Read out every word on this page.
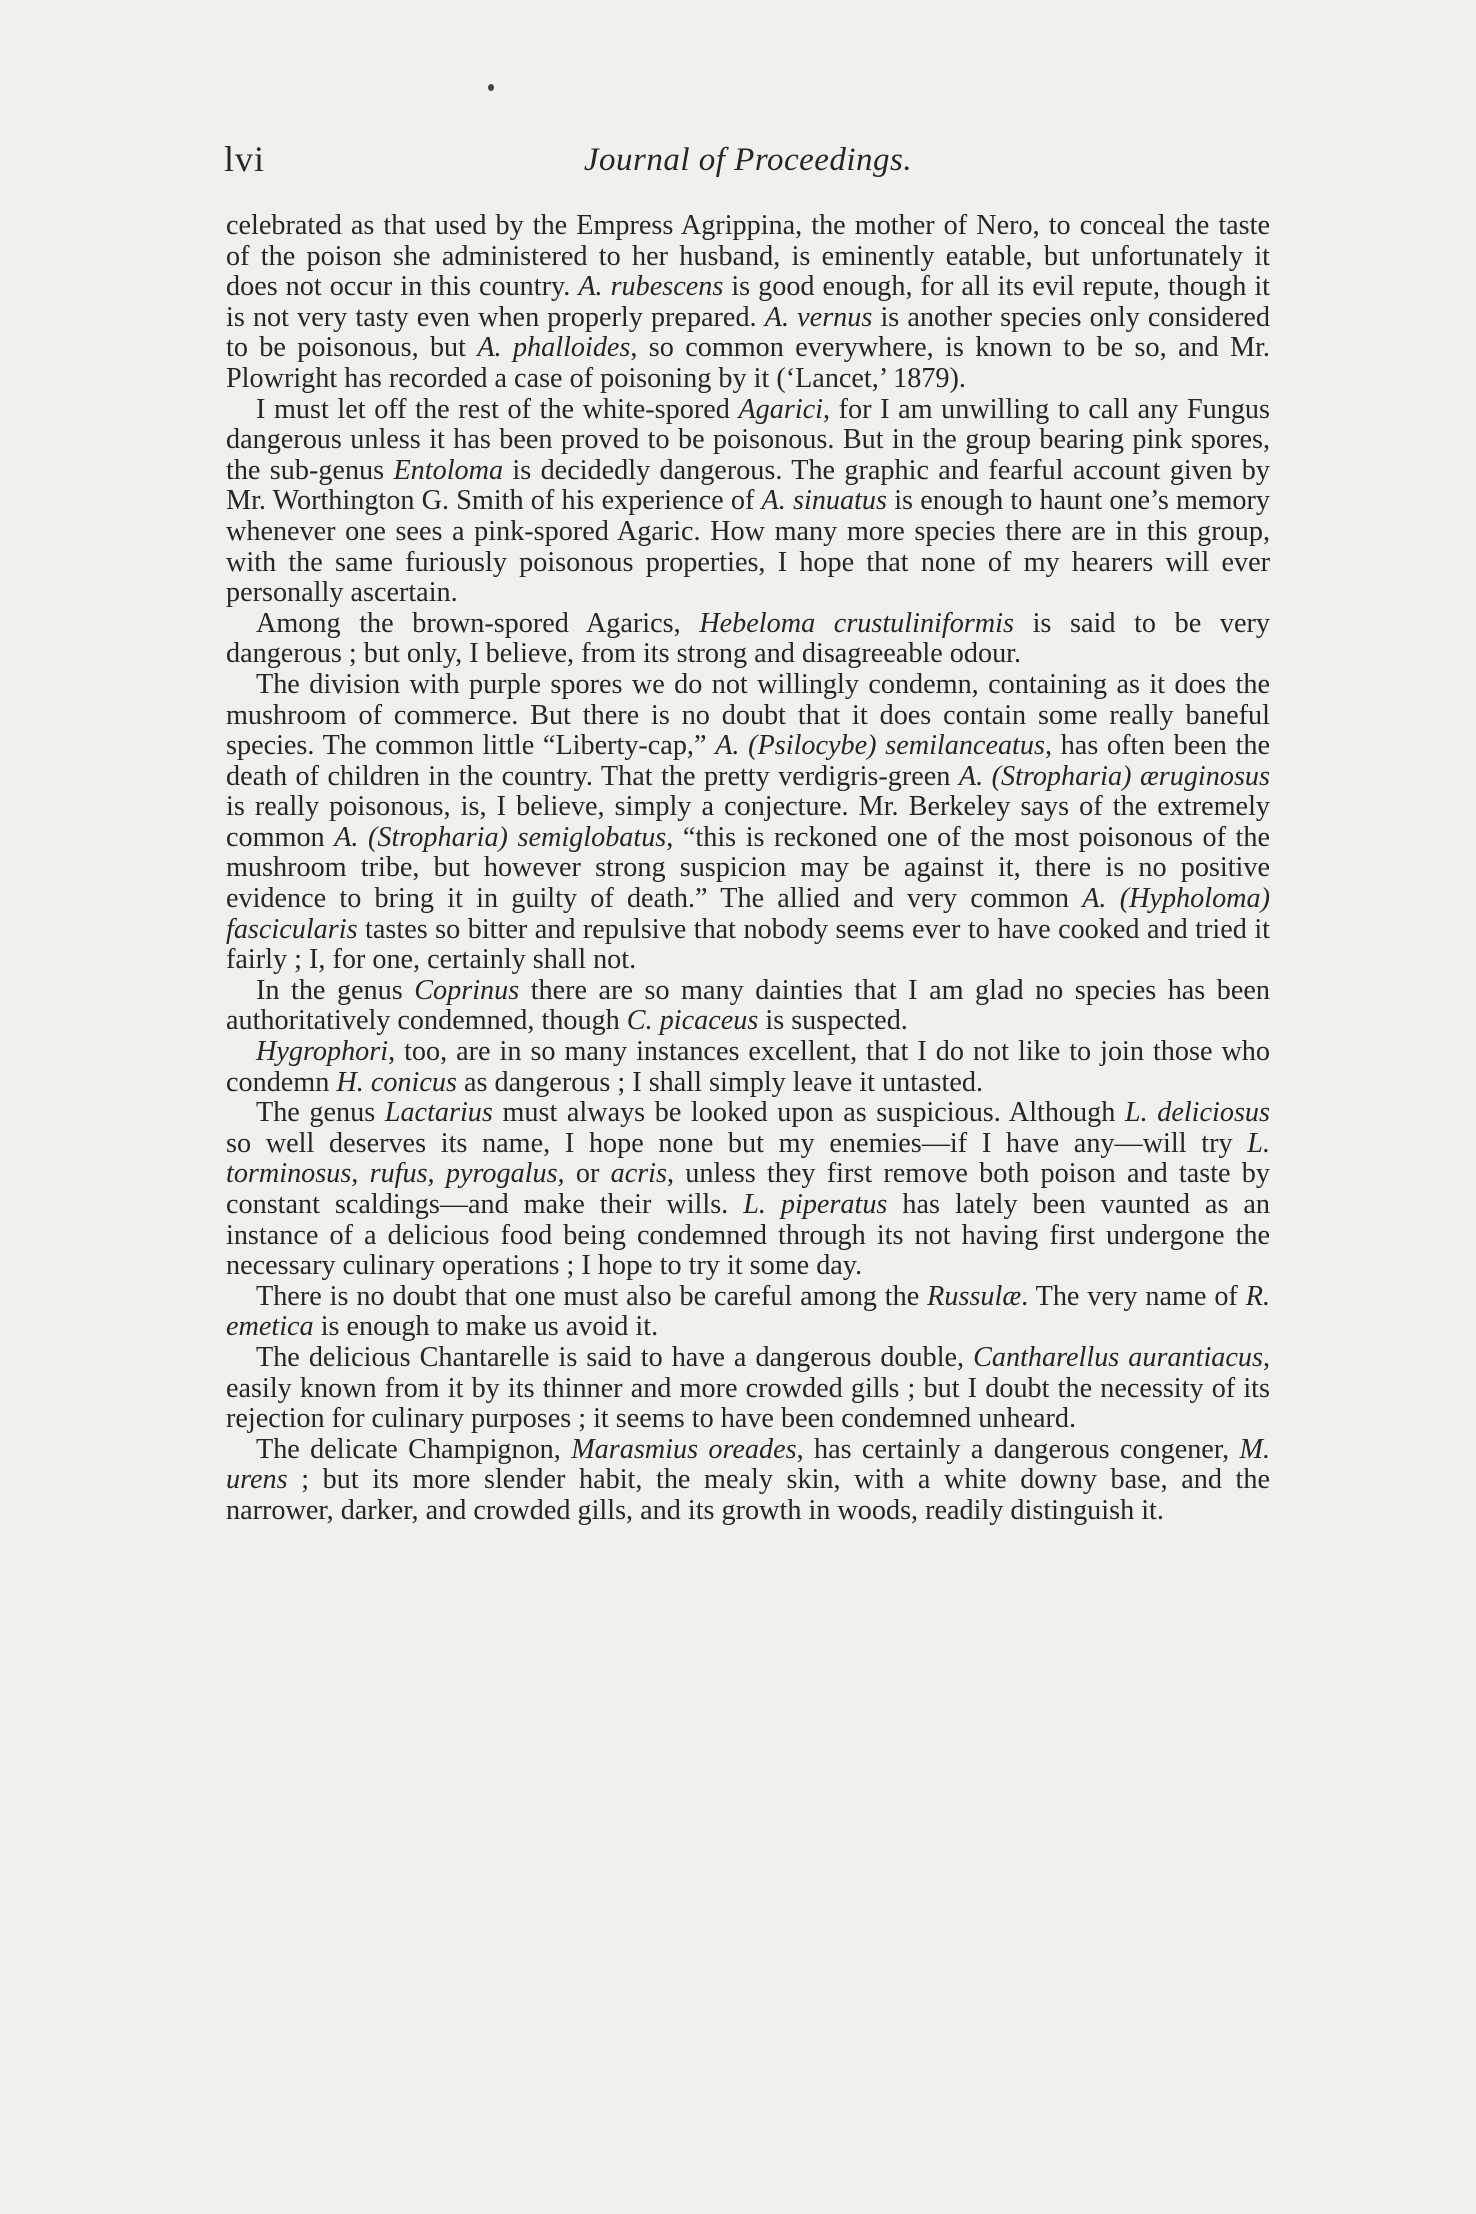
lvi	Journal of Proceedings.

celebrated as that used by the Empress Agrippina, the mother of Nero, to conceal the taste of the poison she administered to her husband, is eminently eatable, but unfortunately it does not occur in this country. A. rubescens is good enough, for all its evil repute, though it is not very tasty even when properly prepared. A. vernus is another species only considered to be poisonous, but A. phalloides, so common everywhere, is known to be so, and Mr. Plowright has recorded a case of poisoning by it (‘Lancet,’ 1879).

I must let off the rest of the white-spored Agarici, for I am unwilling to call any Fungus dangerous unless it has been proved to be poisonous. But in the group bearing pink spores, the sub-genus Entoloma is decidedly dangerous. The graphic and fearful account given by Mr. Worthington G. Smith of his experience of A. sinuatus is enough to haunt one’s memory whenever one sees a pink-spored Agaric. How many more species there are in this group, with the same furiously poisonous properties, I hope that none of my hearers will ever personally ascertain.

Among the brown-spored Agarics, Hebeloma crustuliniformis is said to be very dangerous ; but only, I believe, from its strong and disagreeable odour.

The division with purple spores we do not willingly condemn, containing as it does the mushroom of commerce. But there is no doubt that it does contain some really baneful species. The common little “Liberty-cap,” A. (Psilocybe) semilanceatus, has often been the death of children in the country. That the pretty verdigris-green A. (Stropharia) æruginosus is really poisonous, is, I believe, simply a conjecture. Mr. Berkeley says of the extremely common A. (Stropharia) semiglobatus, “this is reckoned one of the most poisonous of the mushroom tribe, but however strong suspicion may be against it, there is no positive evidence to bring it in guilty of death.” The allied and very common A. (Hypholoma) fascicularis tastes so bitter and repulsive that nobody seems ever to have cooked and tried it fairly ; I, for one, certainly shall not.

In the genus Coprinus there are so many dainties that I am glad no species has been authoritatively condemned, though C. picaceus is suspected.

Hygrophori, too, are in so many instances excellent, that I do not like to join those who condemn H. conicus as dangerous ; I shall simply leave it untasted.

The genus Lactarius must always be looked upon as suspicious. Although L. deliciosus so well deserves its name, I hope none but my enemies—if I have any—will try L. torminosus, rufus, pyrogalus, or acris, unless they first remove both poison and taste by constant scaldings—and make their wills. L. piperatus has lately been vaunted as an instance of a delicious food being condemned through its not having first undergone the necessary culinary operations ; I hope to try it some day.

There is no doubt that one must also be careful among the Russulæ. The very name of R. emetica is enough to make us avoid it.

The delicious Chantarelle is said to have a dangerous double, Cantharellus aurantiacus, easily known from it by its thinner and more crowded gills ; but I doubt the necessity of its rejection for culinary purposes ; it seems to have been condemned unheard.

The delicate Champignon, Marasmius oreades, has certainly a dangerous congener, M. urens ; but its more slender habit, the mealy skin, with a white downy base, and the narrower, darker, and crowded gills, and its growth in woods, readily distinguish it.
